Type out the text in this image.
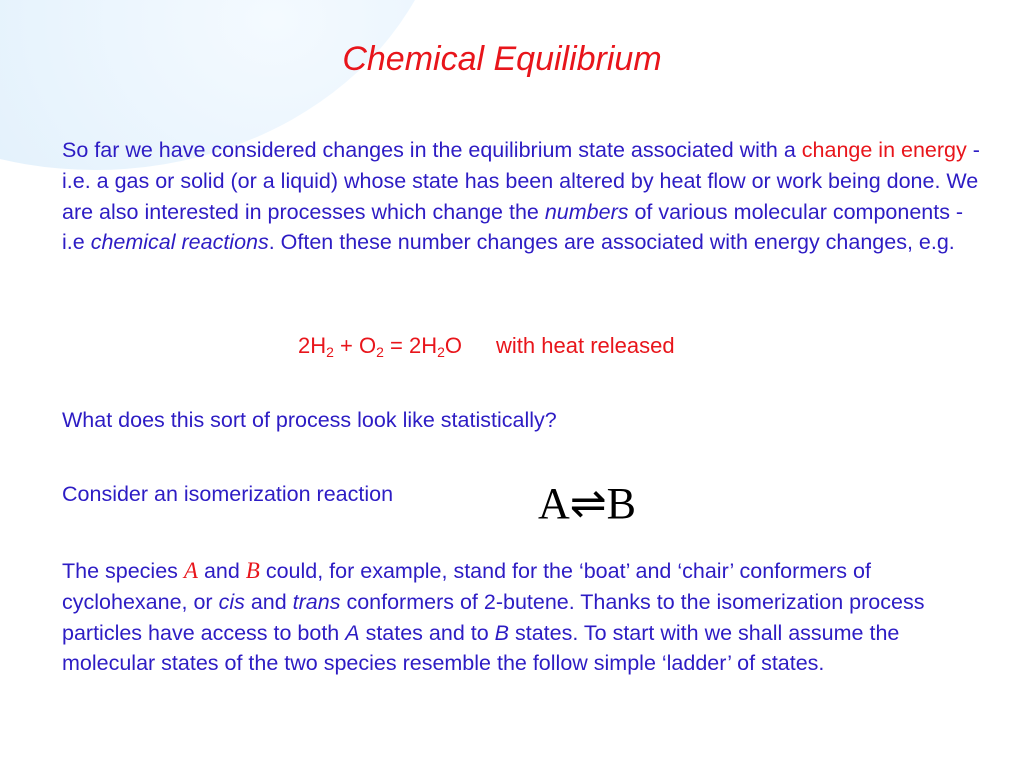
Chemical Equilibrium

So far we have considered changes in the equilibrium state associated with a change in energy - i.e. a gas or solid (or a liquid) whose state has been altered by heat flow or work being done. We are also interested in processes which change the numbers of various molecular components - i.e chemical reactions. Often these number changes are associated with energy changes, e.g.

$2H_2 + O_2 = 2H_2O$ with heat released

What does this sort of process look like statistically?

Consider an isomerization reaction	A⇌B

The species A and B could, for example, stand for the ‘boat’ and ‘chair’ conformers of cyclohexane, or cis and trans conformers of 2-butene. Thanks to the isomerization process particles have access to both A states and to B states. To start with we shall assume the molecular states of the two species resemble the follow simple ‘ladder’ of states.
